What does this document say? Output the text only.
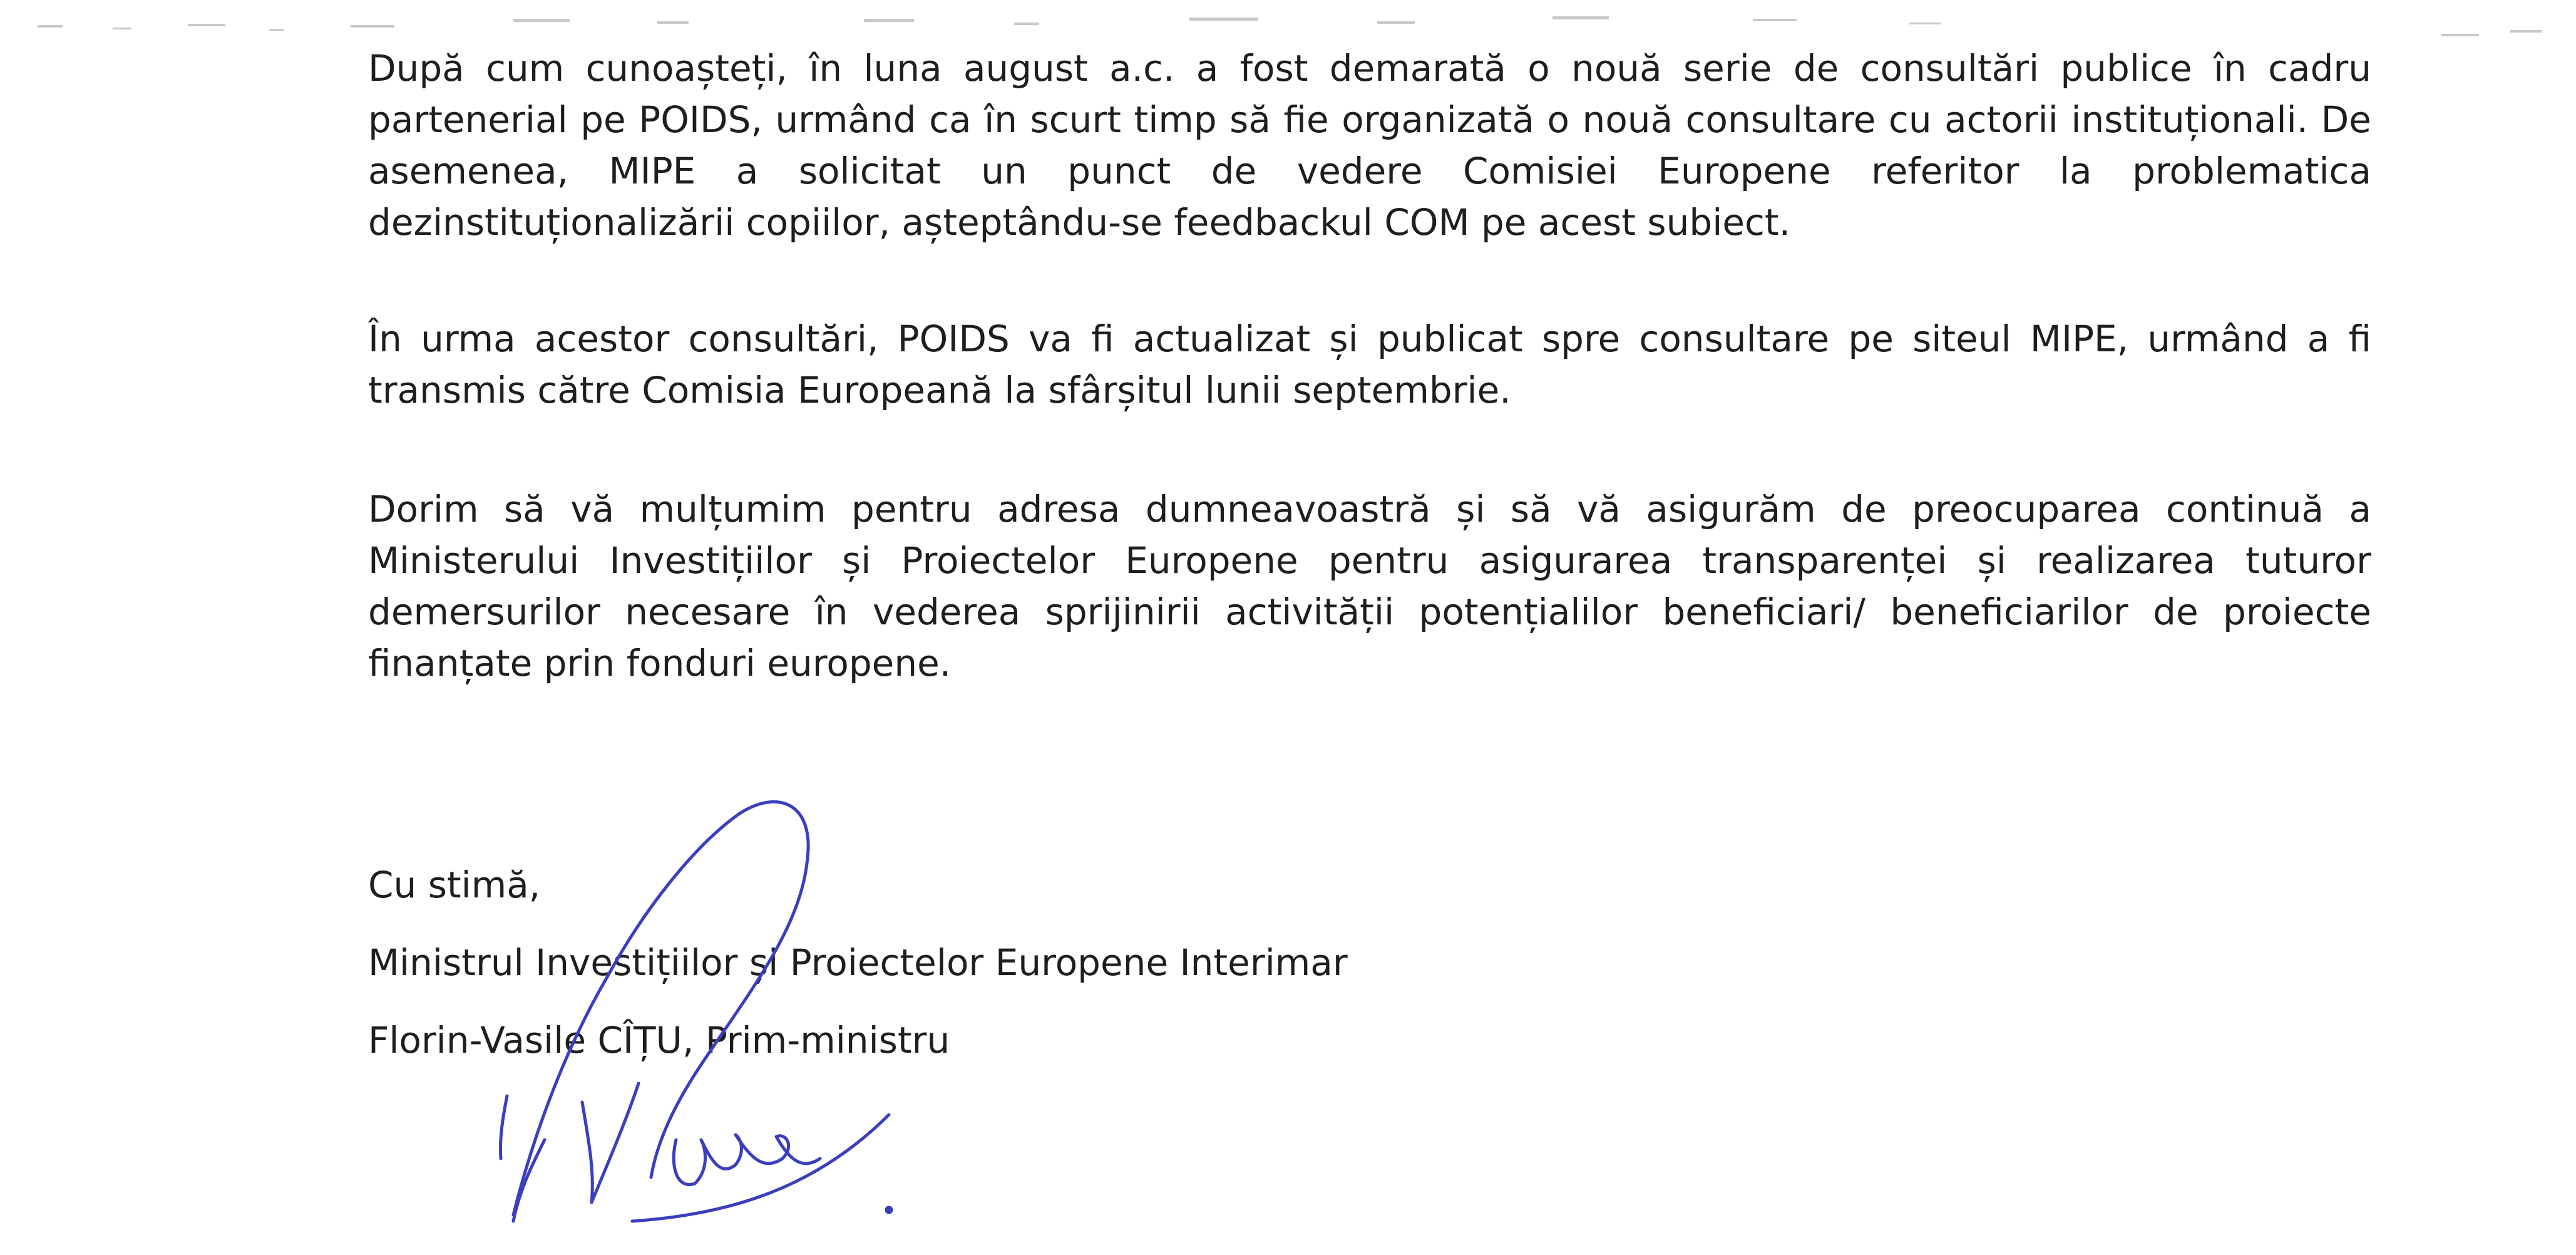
După cum cunoașteți, în luna august a.c. a fost demarată o nouă serie de consultări publice în cadru partenerial pe POIDS, urmând ca în scurt timp să fie organizată o nouă consultare cu actorii instituționali. De asemenea, MIPE a solicitat un punct de vedere Comisiei Europene referitor la problematica dezinstituționalizării copiilor, așteptându-se feedbackul COM pe acest subiect.

În urma acestor consultări, POIDS va fi actualizat și publicat spre consultare pe siteul MIPE, urmând a fi transmis către Comisia Europeană la sfârșitul lunii septembrie.

Dorim să vă mulțumim pentru adresa dumneavoastră și să vă asigurăm de preocuparea continuă a Ministerului Investițiilor și Proiectelor Europene pentru asigurarea transparenței și realizarea tuturor demersurilor necesare în vederea sprijinirii activității potențialilor beneficiari/ beneficiarilor de proiecte finanțate prin fonduri europene.

Cu stimă,

Ministrul Investițiilor și Proiectelor Europene Interimar

Florin-Vasile CÎȚU, Prim-ministru
